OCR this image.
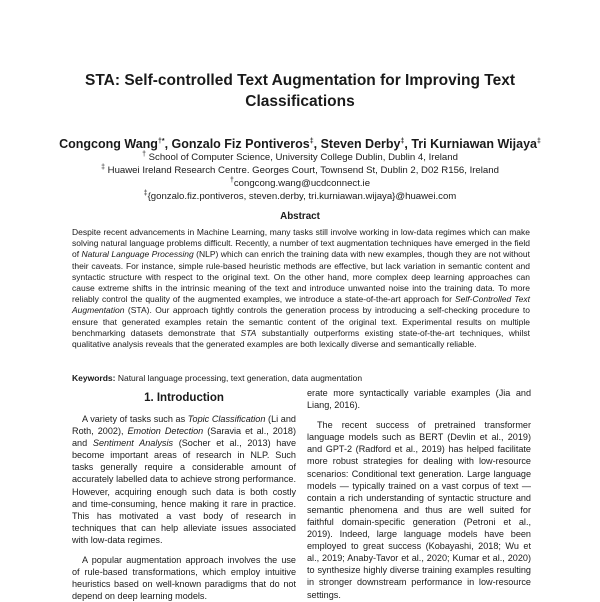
STA: Self-controlled Text Augmentation for Improving Text Classifications
Congcong Wang†*, Gonzalo Fiz Pontiveros‡, Steven Derby‡, Tri Kurniawan Wijaya‡
† School of Computer Science, University College Dublin, Dublin 4, Ireland
‡ Huawei Ireland Research Centre. Georges Court, Townsend St, Dublin 2, D02 R156, Ireland
†congcong.wang@ucdconnect.ie
‡{gonzalo.fiz.pontiveros, steven.derby, tri.kurniawan.wijaya}@huawei.com
Abstract

Despite recent advancements in Machine Learning, many tasks still involve working in low-data regimes which can make solving natural language problems difficult. Recently, a number of text augmentation techniques have emerged in the field of Natural Language Processing (NLP) which can enrich the training data with new examples, though they are not without their caveats. For instance, simple rule-based heuristic methods are effective, but lack variation in semantic content and syntactic structure with respect to the original text. On the other hand, more complex deep learning approaches can cause extreme shifts in the intrinsic meaning of the text and introduce unwanted noise into the training data. To more reliably control the quality of the augmented examples, we introduce a state-of-the-art approach for Self-Controlled Text Augmentation (STA). Our approach tightly controls the generation process by introducing a self-checking procedure to ensure that generated examples retain the semantic content of the original text. Experimental results on multiple benchmarking datasets demonstrate that STA substantially outperforms existing state-of-the-art techniques, whilst qualitative analysis reveals that the generated examples are both lexically diverse and semantically reliable.

Keywords: Natural language processing, text generation, data augmentation
1. Introduction

A variety of tasks such as Topic Classification (Li and Roth, 2002), Emotion Detection (Saravia et al., 2018) and Sentiment Analysis (Socher et al., 2013) have become important areas of research in NLP. Such tasks generally require a considerable amount of accurately labelled data to achieve strong performance. However, acquiring enough such data is both costly and time-consuming, hence making it rare in practice. This has motivated a vast body of research in techniques that can help alleviate issues associated with low-data regimes.

A popular augmentation approach involves the use of rule-based transformations, which employ intuitive heuristics based on well-known paradigms that do not depend on deep learning models.

erate more syntactically variable examples (Jia and Liang, 2016).

The recent success of pretrained transformer language models such as BERT (Devlin et al., 2019) and GPT-2 (Radford et al., 2019) has helped facilitate more robust strategies for dealing with low-resource scenarios: Conditional text generation. Large language models — typically trained on a vast corpus of text — contain a rich understanding of syntactic structure and semantic phenomena and thus are well suited for faithful domain-specific generation (Petroni et al., 2019). Indeed, large language models have been employed to great success (Kobayashi, 2018; Wu et al., 2019; Anaby-Tavor et al., 2020; Kumar et al., 2020) to synthesize highly diverse training examples resulting in stronger downstream performance in low-resource settings.
